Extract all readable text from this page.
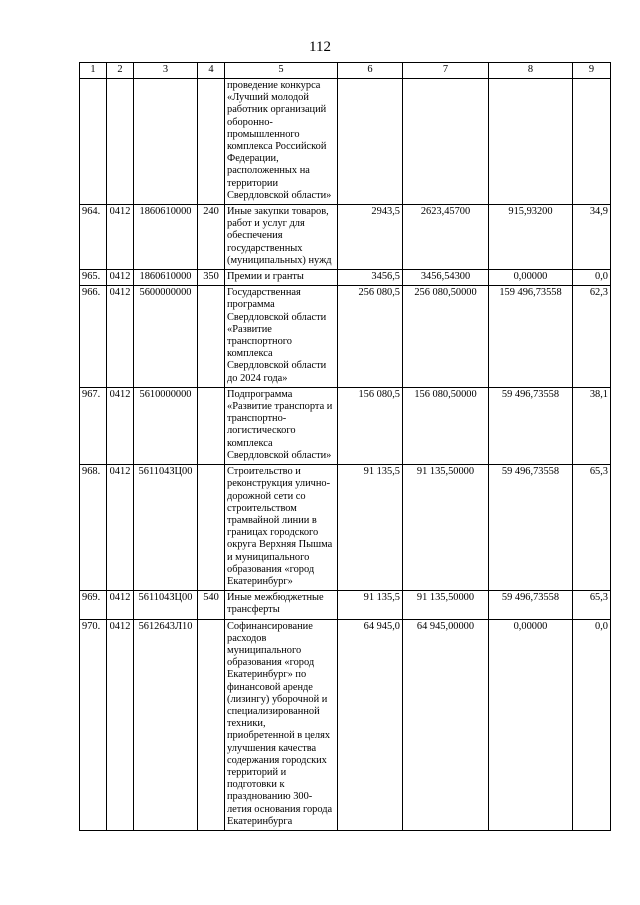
112
1	2	3	4	5	6	7	8	9
				проведение конкурса «Лучший молодой работник организаций оборонно-промышленного комплекса Российской Федерации, расположенных на территории Свердловской области»				
964.	0412	1860610000	240	Иные закупки товаров, работ и услуг для обеспечения государственных (муниципальных) нужд	2943,5	2623,45700	915,93200	34,9
965.	0412	1860610000	350	Премии и гранты	3456,5	3456,54300	0,00000	0,0
966.	0412	5600000000		Государственная программа Свердловской области «Развитие транспортного комплекса Свердловской области до 2024 года»	256 080,5	256 080,50000	159 496,73558	62,3
967.	0412	5610000000		Подпрограмма «Развитие транспорта и транспортно-логистического комплекса Свердловской области»	156 080,5	156 080,50000	59 496,73558	38,1
968.	0412	561104ЗЦ00		Строительство и реконструкция улично-дорожной сети со строительством трамвайной линии в границах городского округа Верхняя Пышма и муниципального образования «город Екатеринбург»	91 135,5	91 135,50000	59 496,73558	65,3
969.	0412	561104ЗЦ00	540	Иные межбюджетные трансферты	91 135,5	91 135,50000	59 496,73558	65,3
970.	0412	5612643Л10		Софинансирование расходов муниципального образования «город Екатеринбург» по финансовой аренде (лизингу) уборочной и специализированной техники, приобретенной в целях улучшения качества содержания городских территорий и подготовки к празднованию 300-летия основания города Екатеринбурга	64 945,0	64 945,00000	0,00000	0,0
